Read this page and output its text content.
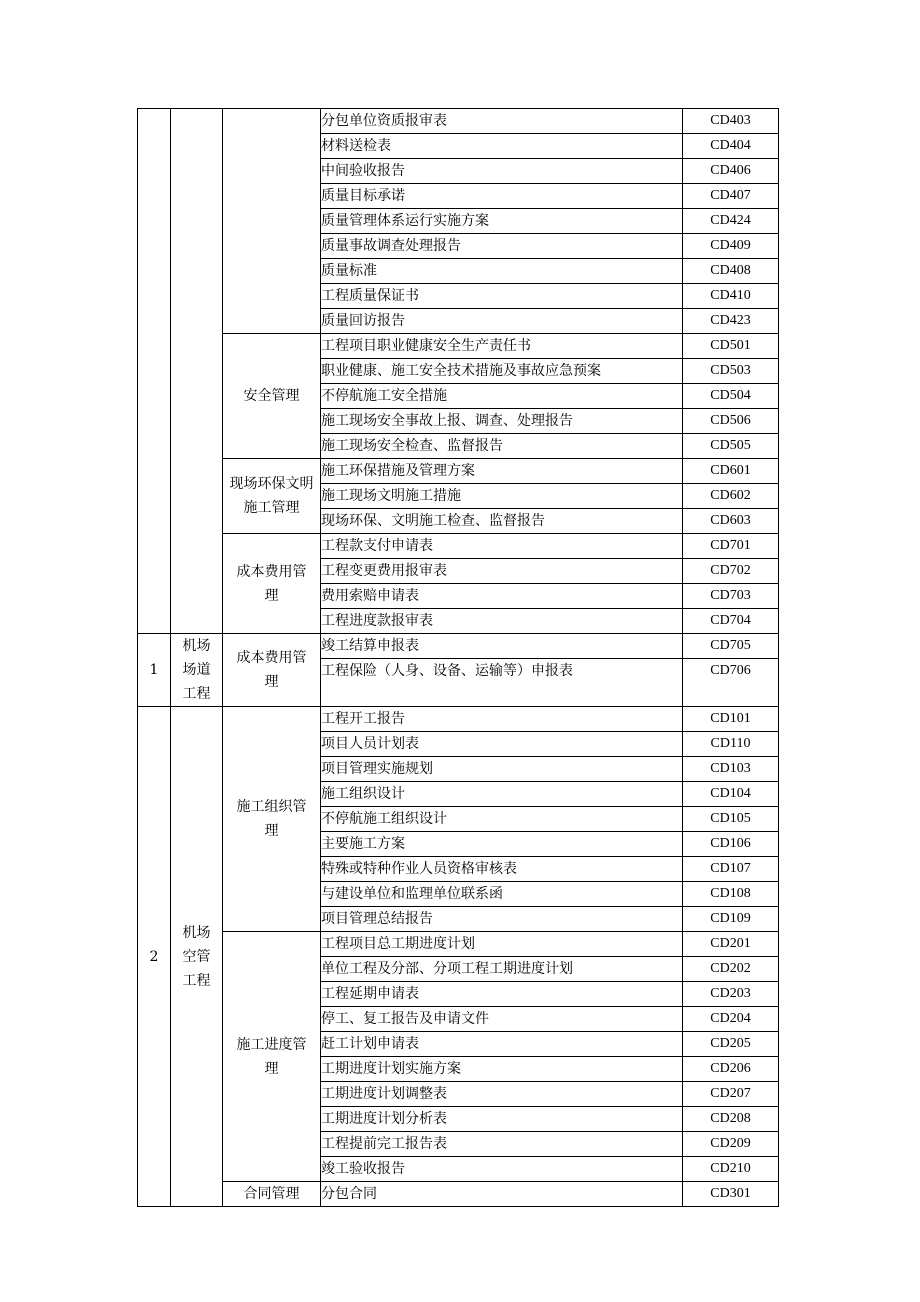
			分包单位资质报审表	CD403
			材料送检表	CD404
			中间验收报告	CD406
			质量目标承诺	CD407
			质量管理体系运行实施方案	CD424
			质量事故调查处理报告	CD409
			质量标准	CD408
			工程质量保证书	CD410
			质量回访报告	CD423
		安全管理	工程项目职业健康安全生产责任书	CD501
			职业健康、施工安全技术措施及事故应急预案	CD503
			不停航施工安全措施	CD504
			施工现场安全事故上报、调查、处理报告	CD506
			施工现场安全检查、监督报告	CD505
		现场环保文明施工管理	施工环保措施及管理方案	CD601
			施工现场文明施工措施	CD602
			现场环保、文明施工检查、监督报告	CD603
		成本费用管理	工程款支付申请表	CD701
			工程变更费用报审表	CD702
			费用索赔申请表	CD703
			工程进度款报审表	CD704
1	机场场道工程	成本费用管理	竣工结算申报表	CD705
			工程保险（人身、设备、运输等）申报表	CD706
2	机场空管工程	施工组织管理	工程开工报告	CD101
			项目人员计划表	CD110
			项目管理实施规划	CD103
			施工组织设计	CD104
			不停航施工组织设计	CD105
			主要施工方案	CD106
			特殊或特种作业人员资格审核表	CD107
			与建设单位和监理单位联系函	CD108
			项目管理总结报告	CD109
		施工进度管理	工程项目总工期进度计划	CD201
			单位工程及分部、分项工程工期进度计划	CD202
			工程延期申请表	CD203
			停工、复工报告及申请文件	CD204
			赶工计划申请表	CD205
			工期进度计划实施方案	CD206
			工期进度计划调整表	CD207
			工期进度计划分析表	CD208
			工程提前完工报告表	CD209
			竣工验收报告	CD210
		合同管理	分包合同	CD301
